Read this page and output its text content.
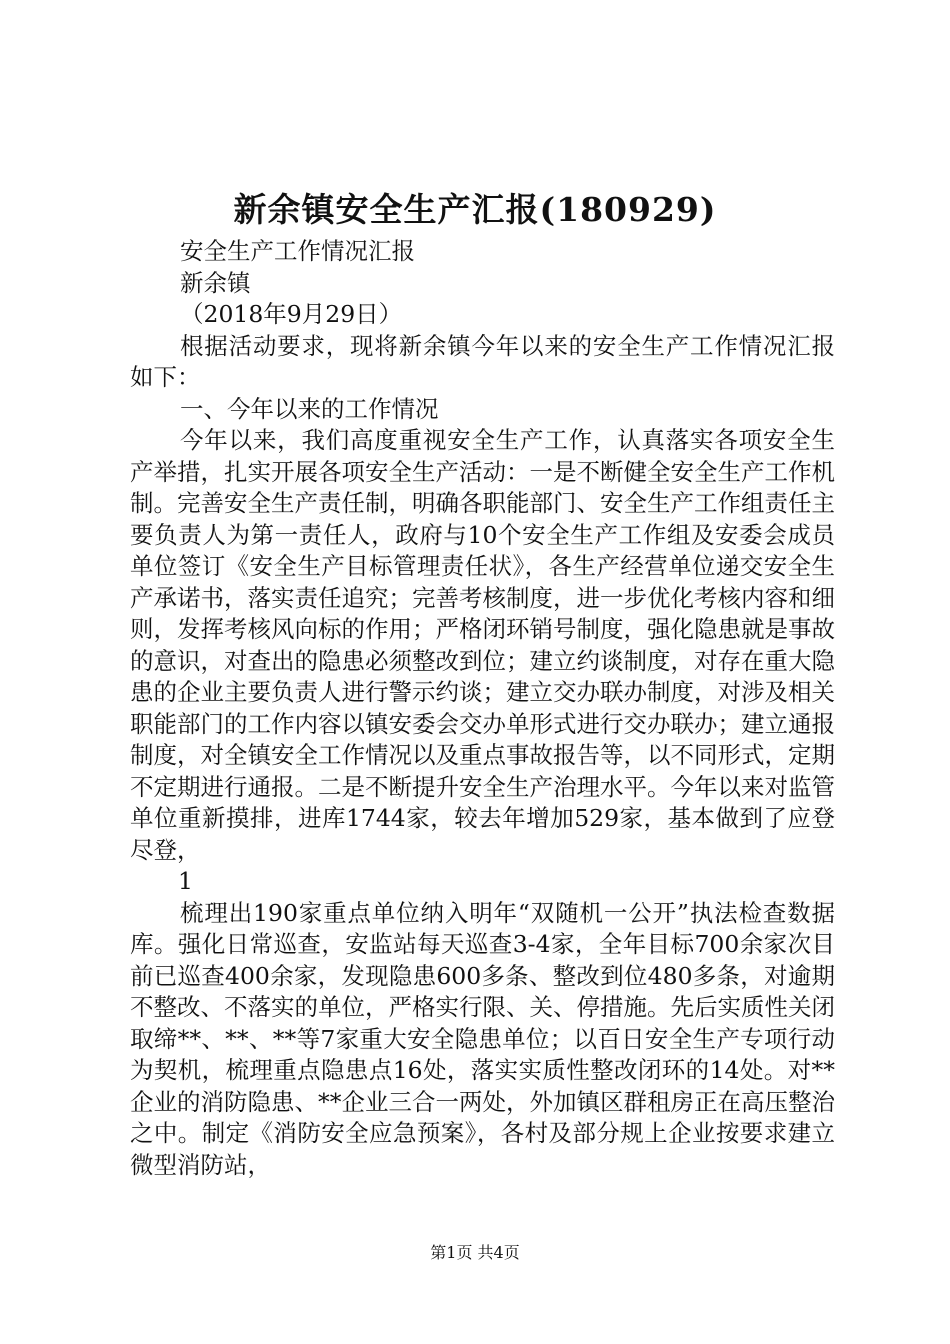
新余镇安全生产汇报(180929)

安全生产工作情况汇报

新余镇

（2018年9月29日）

根据活动要求，现将新余镇今年以来的安全生产工作情况汇报如下：

一、今年以来的工作情况

今年以来，我们高度重视安全生产工作，认真落实各项安全生产举措，扎实开展各项安全生产活动：一是不断健全安全生产工作机制。完善安全生产责任制，明确各职能部门、安全生产工作组责任主要负责人为第一责任人，政府与10个安全生产工作组及安委会成员单位签订《安全生产目标管理责任状》，各生产经营单位递交安全生产承诺书，落实责任追究；完善考核制度，进一步优化考核内容和细则，发挥考核风向标的作用；严格闭环销号制度，强化隐患就是事故的意识，对查出的隐患必须整改到位；建立约谈制度，对存在重大隐患的企业主要负责人进行警示约谈；建立交办联办制度，对涉及相关职能部门的工作内容以镇安委会交办单形式进行交办联办；建立通报制度，对全镇安全工作情况以及重点事故报告等，以不同形式，定期不定期进行通报。二是不断提升安全生产治理水平。今年以来对监管单位重新摸排，进库1744家，较去年增加529家，基本做到了应登尽登，

1

梳理出190家重点单位纳入明年“双随机一公开”执法检查数据库。强化日常巡查，安监站每天巡查3-4家，全年目标700余家次目前已巡查400余家，发现隐患600多条、整改到位480多条，对逾期不整改、不落实的单位，严格实行限、关、停措施。先后实质性关闭取缔**、**、**等7家重大安全隐患单位；以百日安全生产专项行动为契机，梳理重点隐患点16处，落实实质性整改闭环的14处。对**企业的消防隐患、**企业三合一两处，外加镇区群租房正在高压整治之中。制定《消防安全应急预案》，各村及部分规上企业按要求建立微型消防站，

第1页 共4页
